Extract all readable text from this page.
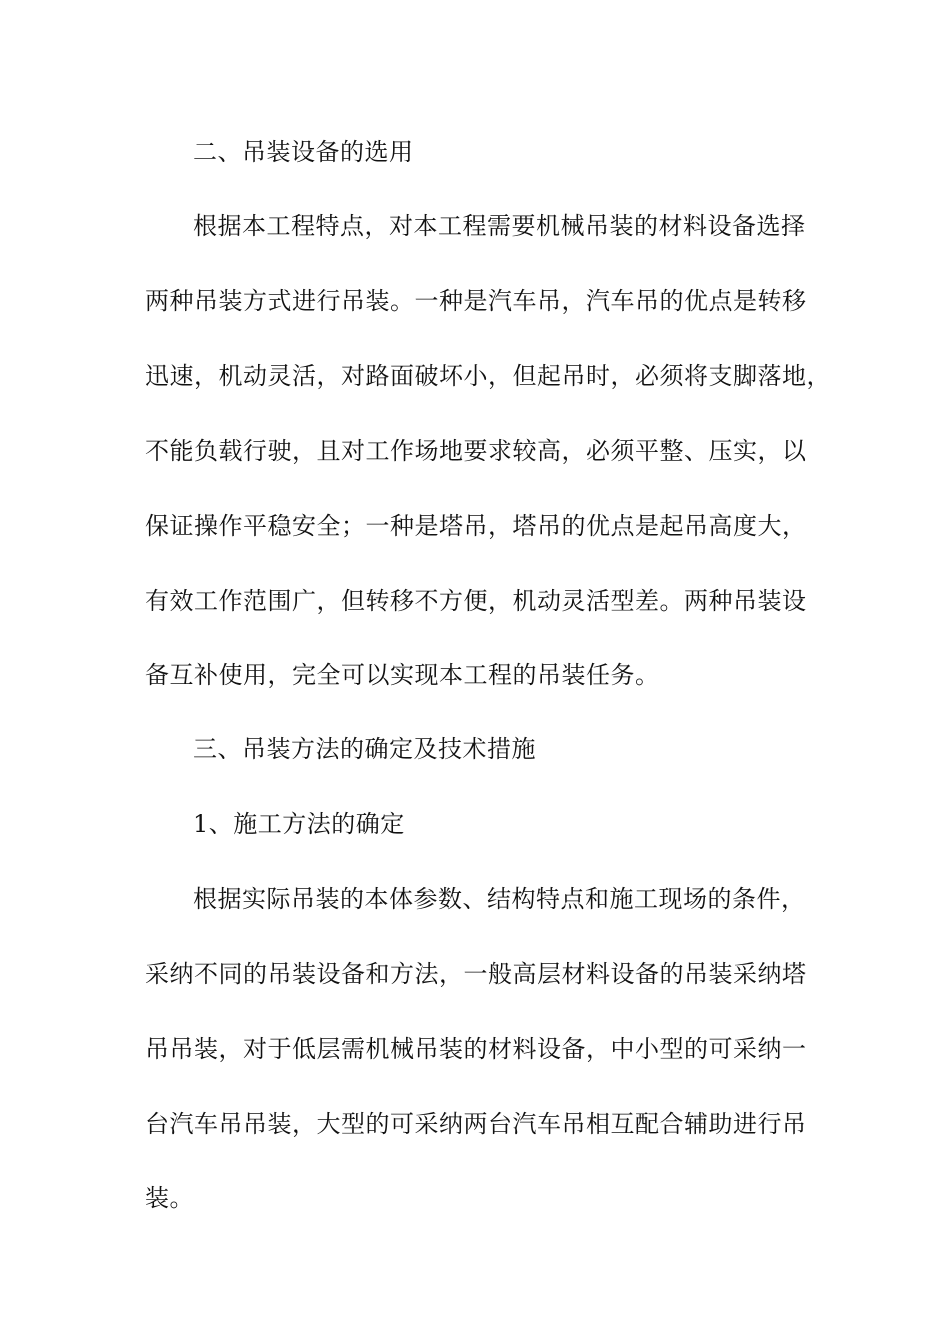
二、吊装设备的选用
根据本工程特点，对本工程需要机械吊装的材料设备选择
两种吊装方式进行吊装。一种是汽车吊，汽车吊的优点是转移
迅速，机动灵活，对路面破坏小，但起吊时，必须将支脚落地，
不能负载行驶，且对工作场地要求较高，必须平整、压实，以
保证操作平稳安全；一种是塔吊，塔吊的优点是起吊高度大，
有效工作范围广，但转移不方便，机动灵活型差。两种吊装设
备互补使用，完全可以实现本工程的吊装任务。
三、吊装方法的确定及技术措施
1、施工方法的确定
根据实际吊装的本体参数、结构特点和施工现场的条件，
采纳不同的吊装设备和方法，一般高层材料设备的吊装采纳塔
吊吊装，对于低层需机械吊装的材料设备，中小型的可采纳一
台汽车吊吊装，大型的可采纳两台汽车吊相互配合辅助进行吊
装。
